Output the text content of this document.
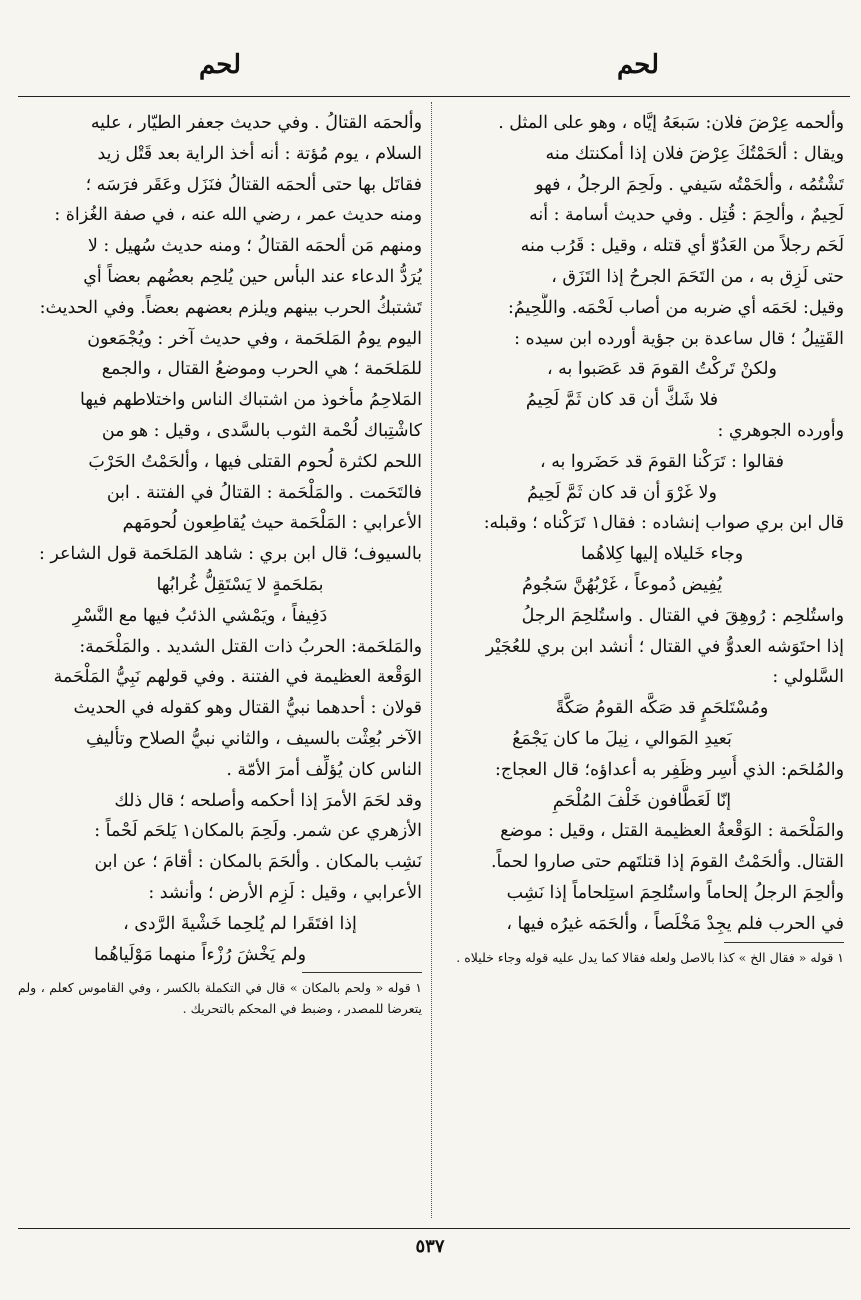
لحم
لحم
وألحمه عِرْضَ فلان: سَبعَهُ إيَّاه ، وهو على المثل .
ويقال : ألحَمْتُكَ عِرْضَ فلان إذا أمكنتك منه
تَشْتُمُه ، وألحَمْتُه سَيفي . ولَحِمَ الرجلُ ، فهو
لَحِيمٌ ، وألحِمَ : قُتِل . وفي حديث أسامة : أنه
لَحَم رجلاً من العَدُوّ أي قتله ، وقيل : قَرُب منه
حتى لَزِق به ، من التَحَمَ الجرحُ إذا التَزَق ،
وقيل: لحَمَه أي ضربه من أصاب لَحْمَه. واللَّحِيمُ:
القَتِيلُ ؛ قال ساعدة بن جؤية أورده ابن سيده :
ولكنْ تَركْتُ القومَ قد عَصَبوا به ،
فلا شَكَّ أن قد كان ثَمَّ لَحِيمُ
وأورده الجوهري :
فقالوا : تَرَكْنا القومَ قد حَضَروا به ،
ولا غَرْوَ أن قد كان ثَمَّ لَحِيمُ
قال ابن بري صواب إنشاده : فقال١ تَرَكْناه ؛ وقبله:
وجاء خَليلاه إليها كِلاهُما
يُفِيض دُموعاً ، غَرْبُهُنَّ سَجُومُ
واستُلحِم : رُوهِقَ في القتال . واستُلحِمَ الرجلُ
إذا احتَوَشه العدوُّ في القتال ؛ أنشد ابن بري للعُجَيْر
السَّلولي :
ومُسْتَلحَمٍ قد صَكَّه القومُ صَكَّةً
بَعيدِ المَوالي ، نِيلَ ما كان يَجْمَعُ
والمُلحَم: الذي أُسِر وظَفِر به أعداؤه؛ قال العجاج:
إنّا لَعَطَّافون خَلْفَ المُلْحَمِ
والمَلْحَمة : الوَقْعةُ العظيمة القتل ، وقيل : موضع
القتال. وألحَمْتُ القومَ إذا قتلتَهم حتى صاروا لحماً.
وألحِمَ الرجلُ إلحاماً واستُلحِمَ استِلحاماً إذا نَشِب
في الحرب فلم يجِدْ مَخْلَصاً ، وألحَمَه غيرُه فيها ،
١ قوله « فقال الخ » كذا بالاصل ولعله فقالا كما يدل عليه قوله وجاء خليلاه .
وألحمَه القتالُ . وفي حديث جعفر الطيّار ، عليه
السلام ، يوم مُؤتة : أنه أخذ الراية بعد قَتْل زيد
فقاتَل بها حتى ألحمَه القتالُ فنَزَل وعَقَر فرَسَه ؛
ومنه حديث عمر ، رضي الله عنه ، في صفة الغُزاة :
ومنهم مَن ألحمَه القتالُ ؛ ومنه حديث سُهيل : لا
يُرَدُّ الدعاء عند البأس حين يُلحِم بعضُهم بعضاً أي
تَشتبكُ الحرب بينهم ويلزم بعضهم بعضاً. وفي الحديث:
اليوم يومُ المَلحَمة ، وفي حديث آخر : ويُجْمَعون
للمَلحَمة ؛ هي الحرب وموضعُ القتال ، والجمع
المَلاحِمُ مأخوذ من اشتباك الناس واختلاطهم فيها
كاشْتِباك لُحْمة الثوب بالسَّدى ، وقيل : هو من
اللحم لكثرة لُحوم القتلى فيها ، وألحَمْتُ الحَرْبَ
فالتَحَمت . والمَلْحَمة : القتالُ في الفتنة . ابن
الأعرابي : المَلْحَمة حيث يُقاطِعون لُحومَهم
بالسيوف؛ قال ابن بري : شاهد المَلحَمة قول الشاعر :
بمَلحَمةٍ لا يَسْتَقِلُّ غُرابُها
دَفِيفاً ، ويَمْشي الذئبُ فيها مع النَّسْرِ
والمَلحَمة: الحربُ ذات القتل الشديد . والمَلْحَمة:
الوَقْعة العظيمة في الفتنة . وفي قولهم نَبِيُّ المَلْحَمة
قولان : أحدهما نبيُّ القتال وهو كقوله في الحديث
الآخر بُعِثْت بالسيف ، والثاني نبيُّ الصلاح وتأليفِ
الناس كان يُؤلِّف أمرَ الأمّة .
وقد لحَمَ الأمرَ إذا أحكمه وأصلحه ؛ قال ذلك
الأزهري عن شمر. ولَحِمَ بالمكان١ يَلحَم لَحْماً :
نَشِب بالمكان . وألحَمَ بالمكان : أقامَ ؛ عن ابن
الأعرابي ، وقيل : لَزِم الأرض ؛ وأنشد :
إذا افتَقَرا لم يُلحِما خَشْيةَ الرَّدى ،
ولم يَخْشَ رُزْءاً منهما مَوْلَياهُما
١ قوله « ولحم بالمكان » قال في التكملة بالكسر ، وفي القاموس كعلم ، ولم يتعرضا للمصدر ، وضبط في المحكم بالتحريك .
٥٣٧
